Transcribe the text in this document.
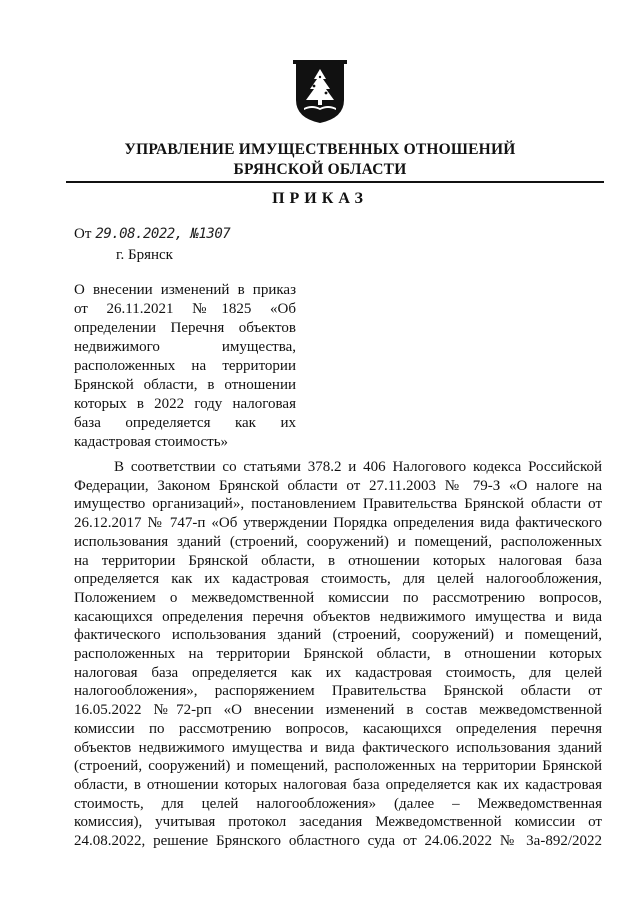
УПРАВЛЕНИЕ ИМУЩЕСТВЕННЫХ ОТНОШЕНИЙ
БРЯНСКОЙ ОБЛАСТИ
ПРИКАЗ
От 29.08.2022, №1307
г. Брянск
О внесении изменений в приказ
от 26.11.2021 №1825 «Об
определении Перечня объектов
недвижимого имущества,
расположенных на территории
Брянской области, в отношении
которых в 2022 году налоговая
база определяется как их
кадастровая стоимость»
В соответствии со статьями 378.2 и 406 Налогового кодекса Российской
Федерации, Законом Брянской области от 27.11.2003 № 79-З «О налоге на
имущество организаций», постановлением Правительства Брянской области от
26.12.2017 № 747-п «Об утверждении Порядка определения вида фактического
использования зданий (строений, сооружений) и помещений, расположенных
на территории Брянской области, в отношении которых налоговая база
определяется как их кадастровая стоимость, для целей налогообложения,
Положением о межведомственной комиссии по рассмотрению вопросов,
касающихся определения перечня объектов недвижимого имущества и вида
фактического использования зданий (строений, сооружений) и помещений,
расположенных на территории Брянской области, в отношении которых
налоговая база определяется как их кадастровая стоимость, для целей
налогообложения», распоряжением Правительства Брянской области от
16.05.2022 №72-рп «О внесении изменений в состав межведомственной
комиссии по рассмотрению вопросов, касающихся определения перечня
объектов недвижимого имущества и вида фактического использования зданий
(строений, сооружений) и помещений, расположенных на территории Брянской
области, в отношении которых налоговая база определяется как их кадастровая
стоимость, для целей налогообложения» (далее – Межведомственная
комиссия), учитывая протокол заседания Межведомственной комиссии от
24.08.2022, решение Брянского областного суда от 24.06.2022 № 3а-892/2022
